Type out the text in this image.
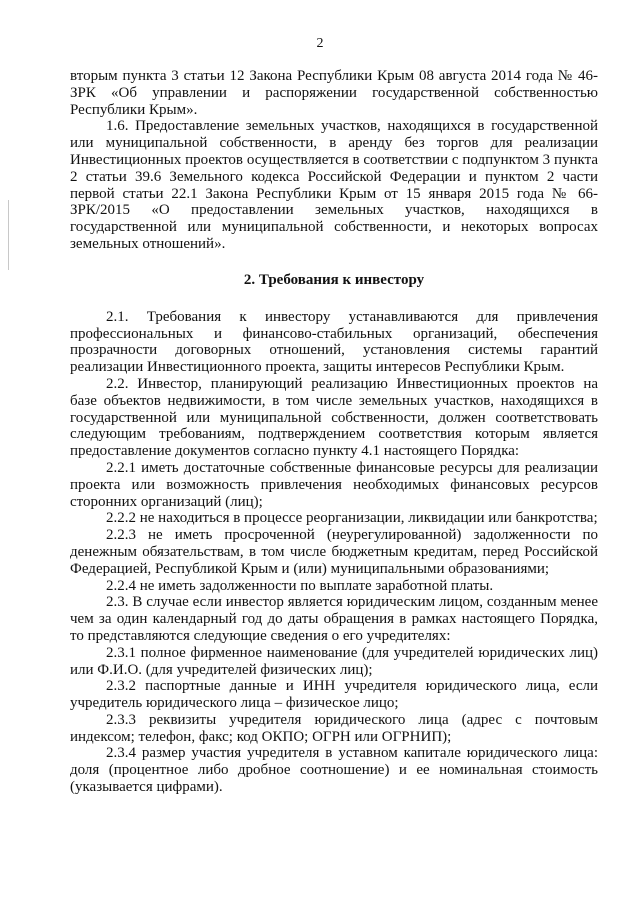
2

вторым пункта 3 статьи 12 Закона Республики Крым 08 августа 2014 года № 46-ЗРК «Об управлении и распоряжении государственной собственностью Республики Крым».

1.6. Предоставление земельных участков, находящихся в государственной или муниципальной собственности, в аренду без торгов для реализации Инвестиционных проектов осуществляется в соответствии с подпунктом 3 пункта 2 статьи 39.6 Земельного кодекса Российской Федерации и пунктом 2 части первой статьи 22.1 Закона Республики Крым от 15 января 2015 года № 66-ЗРК/2015 «О предоставлении земельных участков, находящихся в государственной или муниципальной собственности, и некоторых вопросах земельных отношений».

2. Требования к инвестору

2.1. Требования к инвестору устанавливаются для привлечения профессиональных и финансово-стабильных организаций, обеспечения прозрачности договорных отношений, установления системы гарантий реализации Инвестиционного проекта, защиты интересов Республики Крым.

2.2. Инвестор, планирующий реализацию Инвестиционных проектов на базе объектов недвижимости, в том числе земельных участков, находящихся в государственной или муниципальной собственности, должен соответствовать следующим требованиям, подтверждением соответствия которым является предоставление документов согласно пункту 4.1 настоящего Порядка:

2.2.1 иметь достаточные собственные финансовые ресурсы для реализации проекта или возможность привлечения необходимых финансовых ресурсов сторонних организаций (лиц);

2.2.2 не находиться в процессе реорганизации, ликвидации или банкротства;

2.2.3 не иметь просроченной (неурегулированной) задолженности по денежным обязательствам, в том числе бюджетным кредитам, перед Российской Федерацией, Республикой Крым и (или) муниципальными образованиями;

2.2.4 не иметь задолженности по выплате заработной платы.

2.3. В случае если инвестор является юридическим лицом, созданным менее чем за один календарный год до даты обращения в рамках настоящего Порядка, то представляются следующие сведения о его учредителях:

2.3.1 полное фирменное наименование (для учредителей юридических лиц) или Ф.И.О. (для учредителей физических лиц);

2.3.2 паспортные данные и ИНН учредителя юридического лица, если учредитель юридического лица – физическое лицо;

2.3.3 реквизиты учредителя юридического лица (адрес с почтовым индексом; телефон, факс; код ОКПО; ОГРН или ОГРНИП);

2.3.4 размер участия учредителя в уставном капитале юридического лица: доля (процентное либо дробное соотношение) и ее номинальная стоимость (указывается цифрами).
